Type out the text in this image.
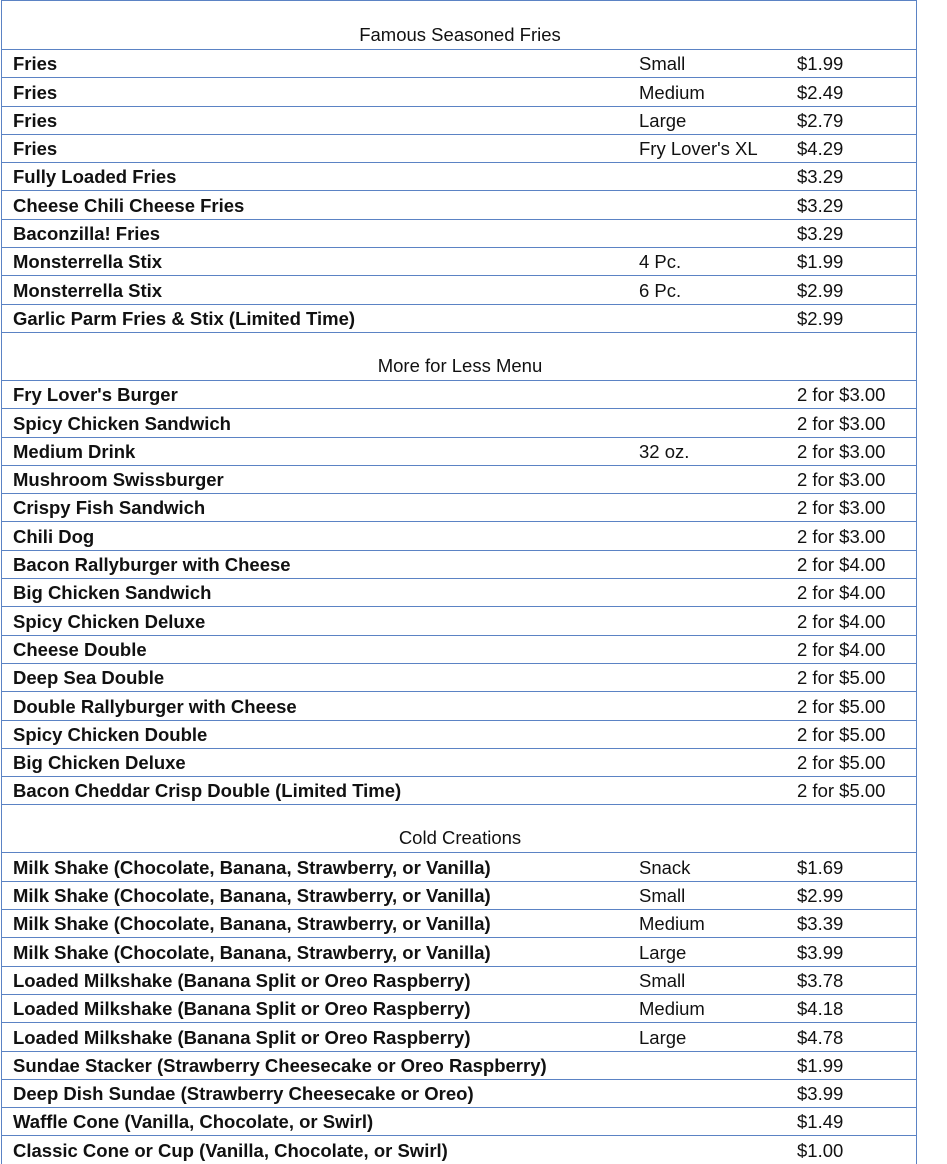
Famous Seasoned Fries
Fries	Small	$1.99
Fries	Medium	$2.49
Fries	Large	$2.79
Fries	Fry Lover's XL $4.29
Fully Loaded Fries	$3.29
Cheese Chili Cheese Fries	$3.29
Baconzilla! Fries	$3.29
Monsterrella Stix	4 Pc.	$1.99
Monsterrella Stix	6 Pc.	$2.99
Garlic Parm Fries & Stix (Limited Time)	$2.99
More for Less Menu
Fry Lover's Burger	2 for $3.00
Spicy Chicken Sandwich	2 for $3.00
Medium Drink	32 oz.	2 for $3.00
Mushroom Swissburger	2 for $3.00
Crispy Fish Sandwich	2 for $3.00
Chili Dog	2 for $3.00
Bacon Rallyburger with Cheese	2 for $4.00
Big Chicken Sandwich	2 for $4.00
Spicy Chicken Deluxe	2 for $4.00
Cheese Double	2 for $4.00
Deep Sea Double	2 for $5.00
Double Rallyburger with Cheese	2 for $5.00
Spicy Chicken Double	2 for $5.00
Big Chicken Deluxe	2 for $5.00
Bacon Cheddar Crisp Double (Limited Time)	2 for $5.00
Cold Creations
Milk Shake (Chocolate, Banana, Strawberry, or Vanilla)	Snack	$1.69
Milk Shake (Chocolate, Banana, Strawberry, or Vanilla)	Small	$2.99
Milk Shake (Chocolate, Banana, Strawberry, or Vanilla)	Medium	$3.39
Milk Shake (Chocolate, Banana, Strawberry, or Vanilla)	Large	$3.99
Loaded Milkshake (Banana Split or Oreo Raspberry)	Small	$3.78
Loaded Milkshake (Banana Split or Oreo Raspberry)	Medium	$4.18
Loaded Milkshake (Banana Split or Oreo Raspberry)	Large	$4.78
Sundae Stacker (Strawberry Cheesecake or Oreo Raspberry)	$1.99
Deep Dish Sundae (Strawberry Cheesecake or Oreo)	$3.99
Waffle Cone (Vanilla, Chocolate, or Swirl)	$1.49
Classic Cone or Cup (Vanilla, Chocolate, or Swirl)	$1.00
